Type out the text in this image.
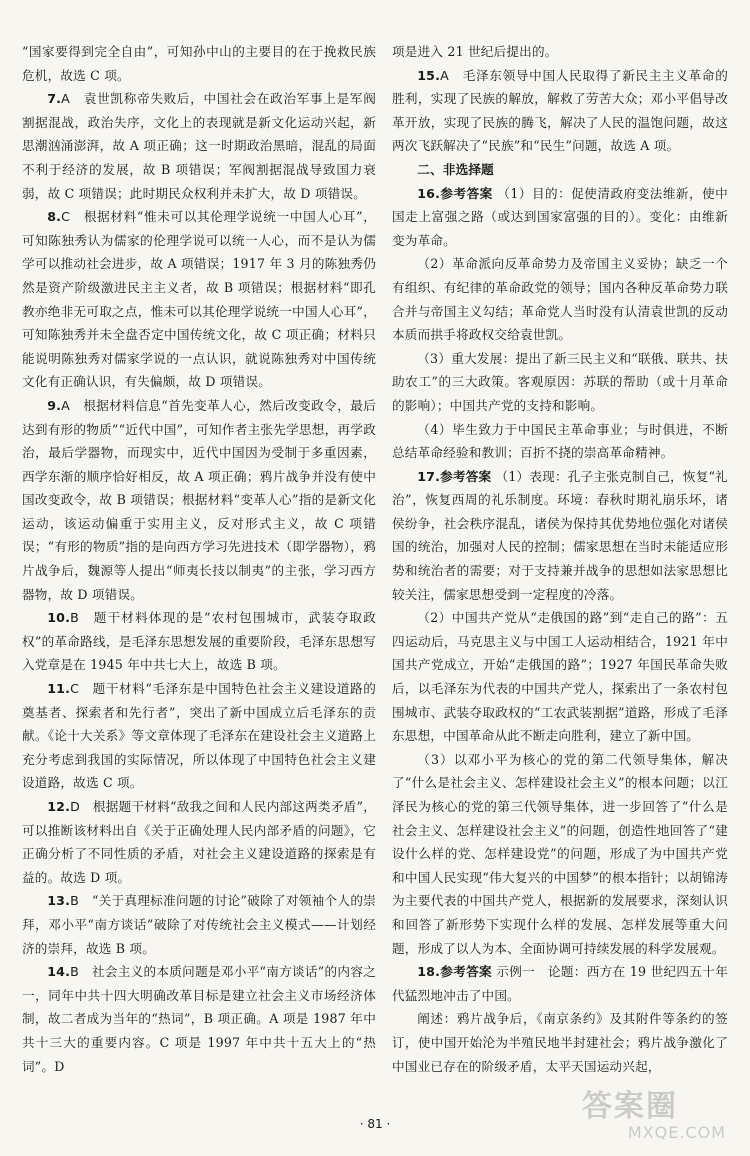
“国家要得到完全自由”，可知孙中山的主要目的在于挽救民族危机，故选 C 项。

7.A　 袁世凯称帝失败后，中国社会在政治军事上是军阀割据混战，政治失序，文化上的表现就是新文化运动兴起，新思潮汹涌澎湃，故 A 项正确；这一时期政治黑暗，混乱的局面不利于经济的发展，故 B 项错误；军阀割据混战导致国力衰弱，故 C 项错误；此时期民众权利并未扩大，故 D 项错误。

8.C　 根据材料“惟未可以其伦理学说统一中国人心耳”，可知陈独秀认为儒家的伦理学说可以统一人心，而不是认为儒学可以推动社会进步，故 A 项错误；1917 年 3 月的陈独秀仍然是资产阶级激进民主主义者，故 B 项错误；根据材料“即孔教亦绝非无可取之点，惟未可以其伦理学说统一中国人心耳”，可知陈独秀并未全盘否定中国传统文化，故 C 项正确；材料只能说明陈独秀对儒家学说的一点认识，就说陈独秀对中国传统文化有正确认识，有失偏颇，故 D 项错误。

9.A　 根据材料信息“首先变革人心，然后改变政令，最后达到有形的物质”“近代中国”，可知作者主张先学思想，再学政治，最后学器物，而现实中，近代中国因为受制于多重因素，西学东渐的顺序恰好相反，故 A 项正确；鸦片战争并没有使中国改变政令，故 B 项错误；根据材料“变革人心”指的是新文化运动，该运动偏重于实用主义，反对形式主义，故 C 项错误；“有形的物质”指的是向西方学习先进技术（即学器物），鸦片战争后，魏源等人提出“师夷长技以制夷”的主张，学习西方器物，故 D 项错误。

10.B　 题干材料体现的是“农村包围城市，武装夺取政权”的革命路线，是毛泽东思想发展的重要阶段，毛泽东思想写入党章是在 1945 年中共七大上，故选 B 项。

11.C　 题干材料“毛泽东是中国特色社会主义建设道路的奠基者、探索者和先行者”，突出了新中国成立后毛泽东的贡献。《论十大关系》等文章体现了毛泽东在建设社会主义道路上充分考虑到我国的实际情况，所以体现了中国特色社会主义建设道路，故选 C 项。

12.D　 根据题干材料“敌我之间和人民内部这两类矛盾”，可以推断该材料出自《关于正确处理人民内部矛盾的问题》，它正确分析了不同性质的矛盾，对社会主义建设道路的探索是有益的。故选 D 项。

13.B　 “关于真理标准问题的讨论”破除了对领袖个人的崇拜，邓小平“南方谈话”破除了对传统社会主义模式——计划经济的崇拜，故选 B 项。

14.B　 社会主义的本质问题是邓小平“南方谈话”的内容之一，同年中共十四大明确改革目标是建立社会主义市场经济体制，故二者成为当年的“热词”，B 项正确。A 项是 1987 年中共十三大的重要内容。C 项是 1997 年中共十五大上的“热词”。D

项是进入 21 世纪后提出的。

15.A　 毛泽东领导中国人民取得了新民主主义革命的胜利，实现了民族的解放，解救了劳苦大众；邓小平倡导改革开放，实现了民族的腾飞，解决了人民的温饱问题，故这两次飞跃解决了“民族”和“民生”问题，故选 A 项。

二、非选择题

16.参考答案 （1）目的：促使清政府变法维新，使中国走上富强之路（或达到国家富强的目的）。变化：由维新变为革命。

（2）革命派向反革命势力及帝国主义妥协；缺乏一个有组织、有纪律的革命政党的领导；国内各种反革命势力联合并与帝国主义勾结；革命党人当时没有认清袁世凯的反动本质而拱手将政权交给袁世凯。

（3）重大发展：提出了新三民主义和“联俄、联共、扶助农工”的三大政策。客观原因：苏联的帮助（或十月革命的影响）；中国共产党的支持和影响。

（4）毕生致力于中国民主革命事业；与时俱进，不断总结革命经验和教训；百折不挠的崇高革命精神。

17.参考答案 （1）表现：孔子主张克制自己，恢复“礼治”，恢复西周的礼乐制度。环境：春秋时期礼崩乐坏，诸侯纷争，社会秩序混乱，诸侯为保持其优势地位强化对诸侯国的统治，加强对人民的控制；儒家思想在当时未能适应形势和统治者的需要；对于支持兼并战争的思想如法家思想比较关注，儒家思想受到一定程度的冷落。

（2）中国共产党从“走俄国的路”到“走自己的路”：五四运动后，马克思主义与中国工人运动相结合，1921 年中国共产党成立，开始“走俄国的路”；1927 年国民革命失败后，以毛泽东为代表的中国共产党人，探索出了一条农村包围城市、武装夺取政权的“工农武装割据”道路，形成了毛泽东思想，中国革命从此不断走向胜利，建立了新中国。

（3）以邓小平为核心的党的第二代领导集体，解决了“什么是社会主义、怎样建设社会主义”的根本问题；以江泽民为核心的党的第三代领导集体，进一步回答了“什么是社会主义、怎样建设社会主义”的问题，创造性地回答了“建设什么样的党、怎样建设党”的问题，形成了为中国共产党和中国人民实现“伟大复兴的中国梦”的根本指针；以胡锦涛为主要代表的中国共产党人，根据新的发展要求，深刻认识和回答了新形势下实现什么样的发展、怎样发展等重大问题，形成了以人为本、全面协调可持续发展的科学发展观。

18.参考答案 示例一　论题：西方在 19 世纪四五十年代猛烈地冲击了中国。

阐述：鸦片战争后，《南京条约》及其附件等条约的签订，使中国开始沦为半殖民地半封建社会；鸦片战争激化了中国业已存在的阶级矛盾，太平天国运动兴起，

· 81 ·	答案圈
MXQE.COM
